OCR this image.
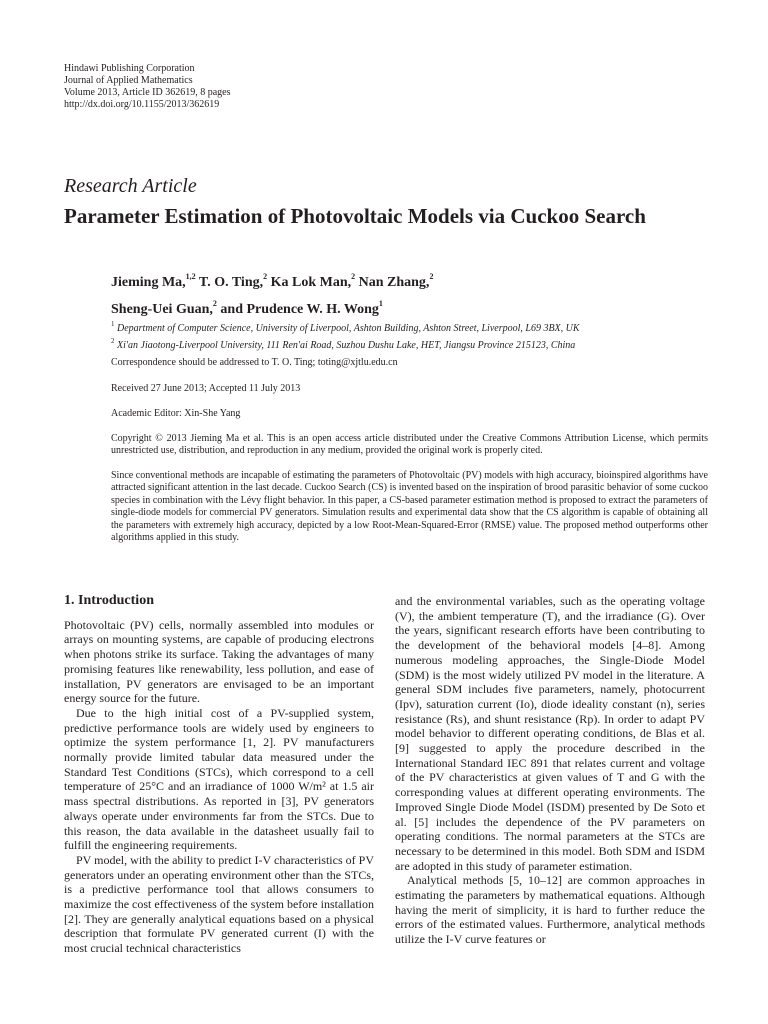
Hindawi Publishing Corporation
Journal of Applied Mathematics
Volume 2013, Article ID 362619, 8 pages
http://dx.doi.org/10.1155/2013/362619
Research Article
Parameter Estimation of Photovoltaic Models via Cuckoo Search
Jieming Ma,$^{1,2}$ T. O. Ting,$^2$ Ka Lok Man,$^2$ Nan Zhang,$^2$
Sheng-Uei Guan,$^2$ and Prudence W. H. Wong$^1$
$^1$ Department of Computer Science, University of Liverpool, Ashton Building, Ashton Street, Liverpool, L69 3BX, UK
$^2$ Xi'an Jiaotong-Liverpool University, 111 Ren'ai Road, Suzhou Dushu Lake, HET, Jiangsu Province 215123, China
Correspondence should be addressed to T. O. Ting; toting@xjtlu.edu.cn
Received 27 June 2013; Accepted 11 July 2013
Academic Editor: Xin-She Yang
Copyright © 2013 Jieming Ma et al. This is an open access article distributed under the Creative Commons Attribution License, which permits unrestricted use, distribution, and reproduction in any medium, provided the original work is properly cited.
Since conventional methods are incapable of estimating the parameters of Photovoltaic (PV) models with high accuracy, bioinspired algorithms have attracted significant attention in the last decade. Cuckoo Search (CS) is invented based on the inspiration of brood parasitic behavior of some cuckoo species in combination with the Lévy flight behavior. In this paper, a CS-based parameter estimation method is proposed to extract the parameters of single-diode models for commercial PV generators. Simulation results and experimental data show that the CS algorithm is capable of obtaining all the parameters with extremely high accuracy, depicted by a low Root-Mean-Squared-Error (RMSE) value. The proposed method outperforms other algorithms applied in this study.
1. Introduction

Photovoltaic (PV) cells, normally assembled into modules or arrays on mounting systems, are capable of producing electrons when photons strike its surface. Taking the advantages of many promising features like renewability, less pollution, and ease of installation, PV generators are envisaged to be an important energy source for the future.

Due to the high initial cost of a PV-supplied system, predictive performance tools are widely used by engineers to optimize the system performance [1, 2]. PV manufacturers normally provide limited tabular data measured under the Standard Test Conditions (STCs), which correspond to a cell temperature of 25°C and an irradiance of 1000 W/m² at 1.5 air mass spectral distributions. As reported in [3], PV generators always operate under environments far from the STCs. Due to this reason, the data available in the datasheet usually fail to fulfill the engineering requirements.

PV model, with the ability to predict I-V characteristics of PV generators under an operating environment other than the STCs, is a predictive performance tool that allows consumers to maximize the cost effectiveness of the system before installation [2]. They are generally analytical equations based on a physical description that formulate PV generated current (I) with the most crucial technical characteristics

and the environmental variables, such as the operating voltage (V), the ambient temperature (T), and the irradiance (G). Over the years, significant research efforts have been contributing to the development of the behavioral models [4–8]. Among numerous modeling approaches, the Single-Diode Model (SDM) is the most widely utilized PV model in the literature. A general SDM includes five parameters, namely, photocurrent (Ipv), saturation current (Io), diode ideality constant (n), series resistance (Rs), and shunt resistance (Rp). In order to adapt PV model behavior to different operating conditions, de Blas et al. [9] suggested to apply the procedure described in the International Standard IEC 891 that relates current and voltage of the PV characteristics at given values of T and G with the corresponding values at different operating environments. The Improved Single Diode Model (ISDM) presented by De Soto et al. [5] includes the dependence of the PV parameters on operating conditions. The normal parameters at the STCs are necessary to be determined in this model. Both SDM and ISDM are adopted in this study of parameter estimation.

Analytical methods [5, 10–12] are common approaches in estimating the parameters by mathematical equations. Although having the merit of simplicity, it is hard to further reduce the errors of the estimated values. Furthermore, analytical methods utilize the I-V curve features or
